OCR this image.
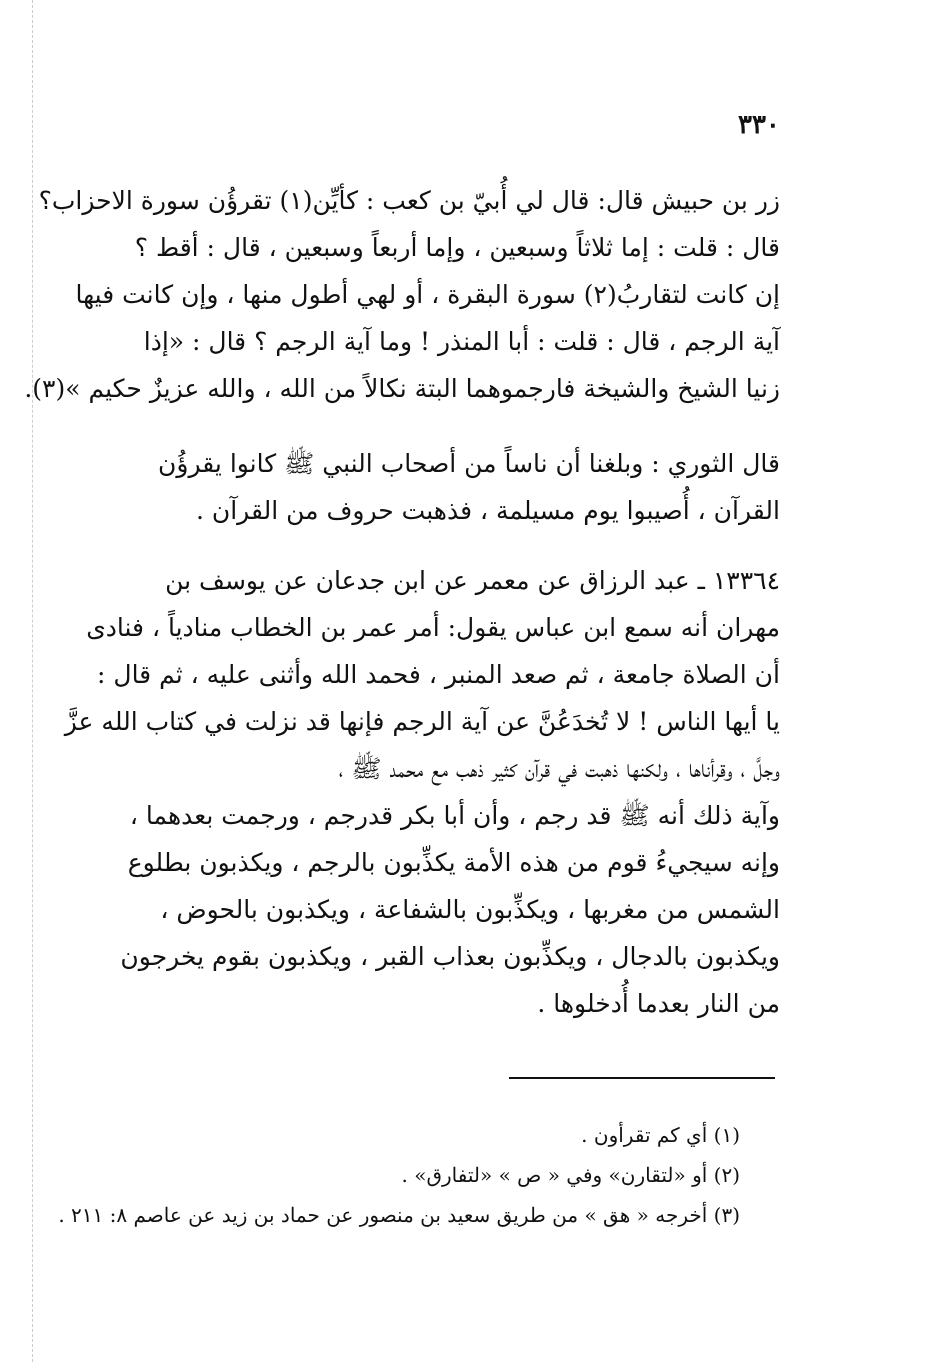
٣٣٠
زر بن حبيش قال: قال لي أُبيّ بن كعب : كأيِّن(١) تقرؤُن سورة الاحزاب؟
قال : قلت : إما ثلاثاً وسبعين ، وإما أربعاً وسبعين ، قال : أقط ؟
إن كانت لتقاربُ(٢) سورة البقرة ، أو لهي أطول منها ، وإن كانت فيها
آية الرجم ، قال : قلت : أبا المنذر ! وما آية الرجم ؟ قال : «إذا
زنيا الشيخ والشيخة فارجموهما البتة نكالاً من الله ، والله عزيزٌ حكيم »(٣).
قال الثوري : وبلغنا أن ناساً من أصحاب النبي ﷺ كانوا يقرؤُن
القرآن ، أُصيبوا يوم مسيلمة ، فذهبت حروف من القرآن .
١٣٣٦٤ ـ عبد الرزاق عن معمر عن ابن جدعان عن يوسف بن
مهران أنه سمع ابن عباس يقول: أمر عمر بن الخطاب منادياً ، فنادى
أن الصلاة جامعة ، ثم صعد المنبر ، فحمد الله وأثنى عليه ، ثم قال :
يا أيها الناس ! لا تُخدَعُنَّ عن آية الرجم فإنها قد نزلت في كتاب الله عزَّ
وجلَّ ، وقرأناها ، ولكنها ذهبت في قرآن كثير ذهب مع محمد ﷺ ،
وآية ذلك أنه ﷺ قد رجم ، وأن أبا بكر قدرجم ، ورجمت بعدهما ،
وإنه سيجيءُ قوم من هذه الأمة يكذِّبون بالرجم ، ويكذبون بطلوع
الشمس من مغربها ، ويكذِّبون بالشفاعة ، ويكذبون بالحوض ،
ويكذبون بالدجال ، ويكذِّبون بعذاب القبر ، ويكذبون بقوم يخرجون
من النار بعدما أُدخلوها .
(١) أي كم تقرأون .
(٢) أو «لتقارن» وفي « ص » «لتفارق» .
(٣) أخرجه « هق » من طريق سعيد بن منصور عن حماد بن زيد عن عاصم ٨: ٢١١ .
